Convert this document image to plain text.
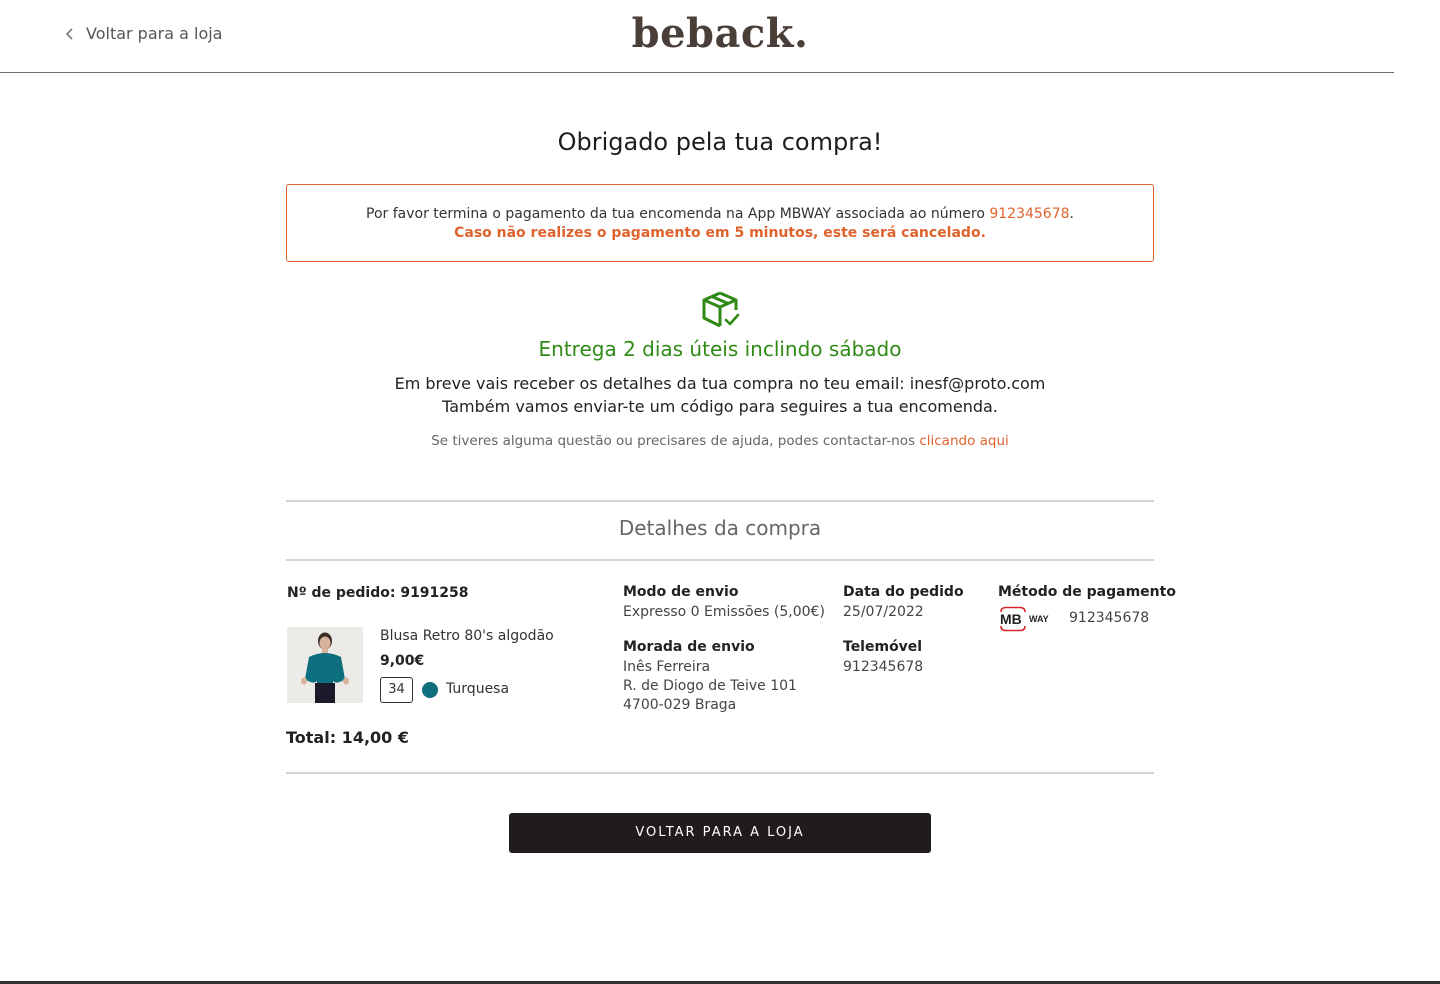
Voltar para a loja	beback.
Obrigado pela tua compra!
Por favor termina o pagamento da tua encomenda na App MBWAY associada ao número 912345678.
Caso não realizes o pagamento em 5 minutos, este será cancelado.
Entrega 2 dias úteis inclindo sábado
Em breve vais receber os detalhes da tua compra no teu email: inesf@proto.com
Também vamos enviar-te um código para seguires a tua encomenda.
Se tiveres alguma questão ou precisares de ajuda, podes contactar-nos clicando aqui
Detalhes da compra
Nº de pedido: 9191258
Blusa Retro 80's algodão
9,00€
34	Turquesa
Total: 14,00 €
Modo de envio
Expresso 0 Emissões (5,00€)
Morada de envio
Inês Ferreira
R. de Diogo de Teive 101
4700-029 Braga
Data do pedido
25/07/2022
Telemóvel
912345678
Método de pagamento
MB WAY 912345678
VOLTAR PARA A LOJA
